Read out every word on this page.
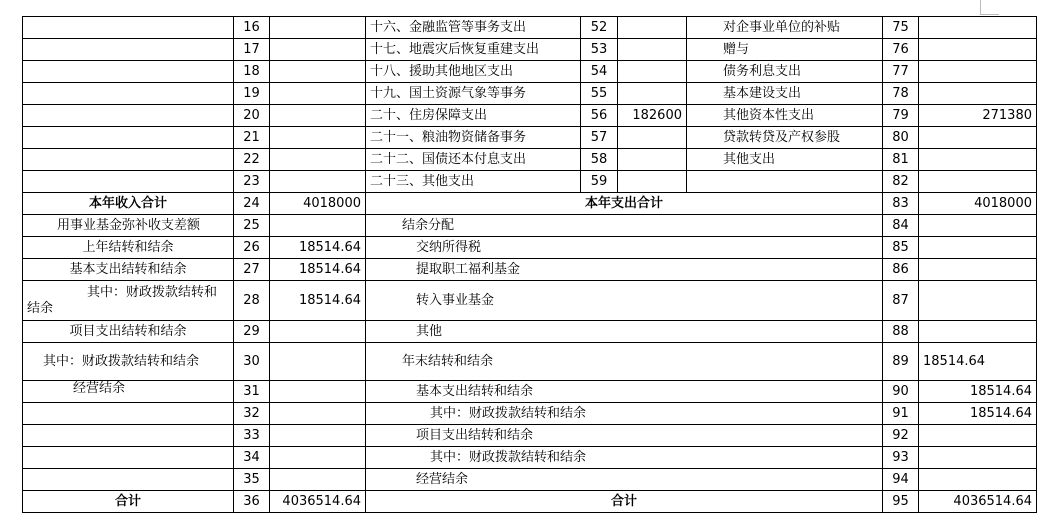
	16		十六、金融监管等事务支出	52		对企事业单位的补贴	75	
	17		十七、地震灾后恢复重建支出	53		赠与	76	
	18		十八、援助其他地区支出	54		债务利息支出	77	
	19		十九、国土资源气象等事务	55		基本建设支出	78	
	20		二十、住房保障支出	56	182600	其他资本性支出	79	271380
	21		二十一、粮油物资储备事务	57		贷款转贷及产权参股	80	
	22		二十二、国债还本付息支出	58		其他支出	81	
	23		二十三、其他支出	59			82	
本年收入合计	24	4018000	本年支出合计				83	4018000
用事业基金弥补收支差额	25		结余分配				84	
上年结转和结余	26	18514.64	交纳所得税				85	
基本支出结转和结余	27	18514.64	提取职工福利基金				86	
其中：财政拨款结转和结余	28	18514.64	转入事业基金				87	
项目支出结转和结余	29		其他				88	
其中：财政拨款结转和结余	30		年末结转和结余				89	18514.64
经营结余	31		基本支出结转和结余				90	18514.64
	32		其中：财政拨款结转和结余				91	18514.64
	33		项目支出结转和结余				92	
	34		其中：财政拨款结转和结余				93	
	35		经营结余				94	
合计	36	4036514.64	合计				95	4036514.64
